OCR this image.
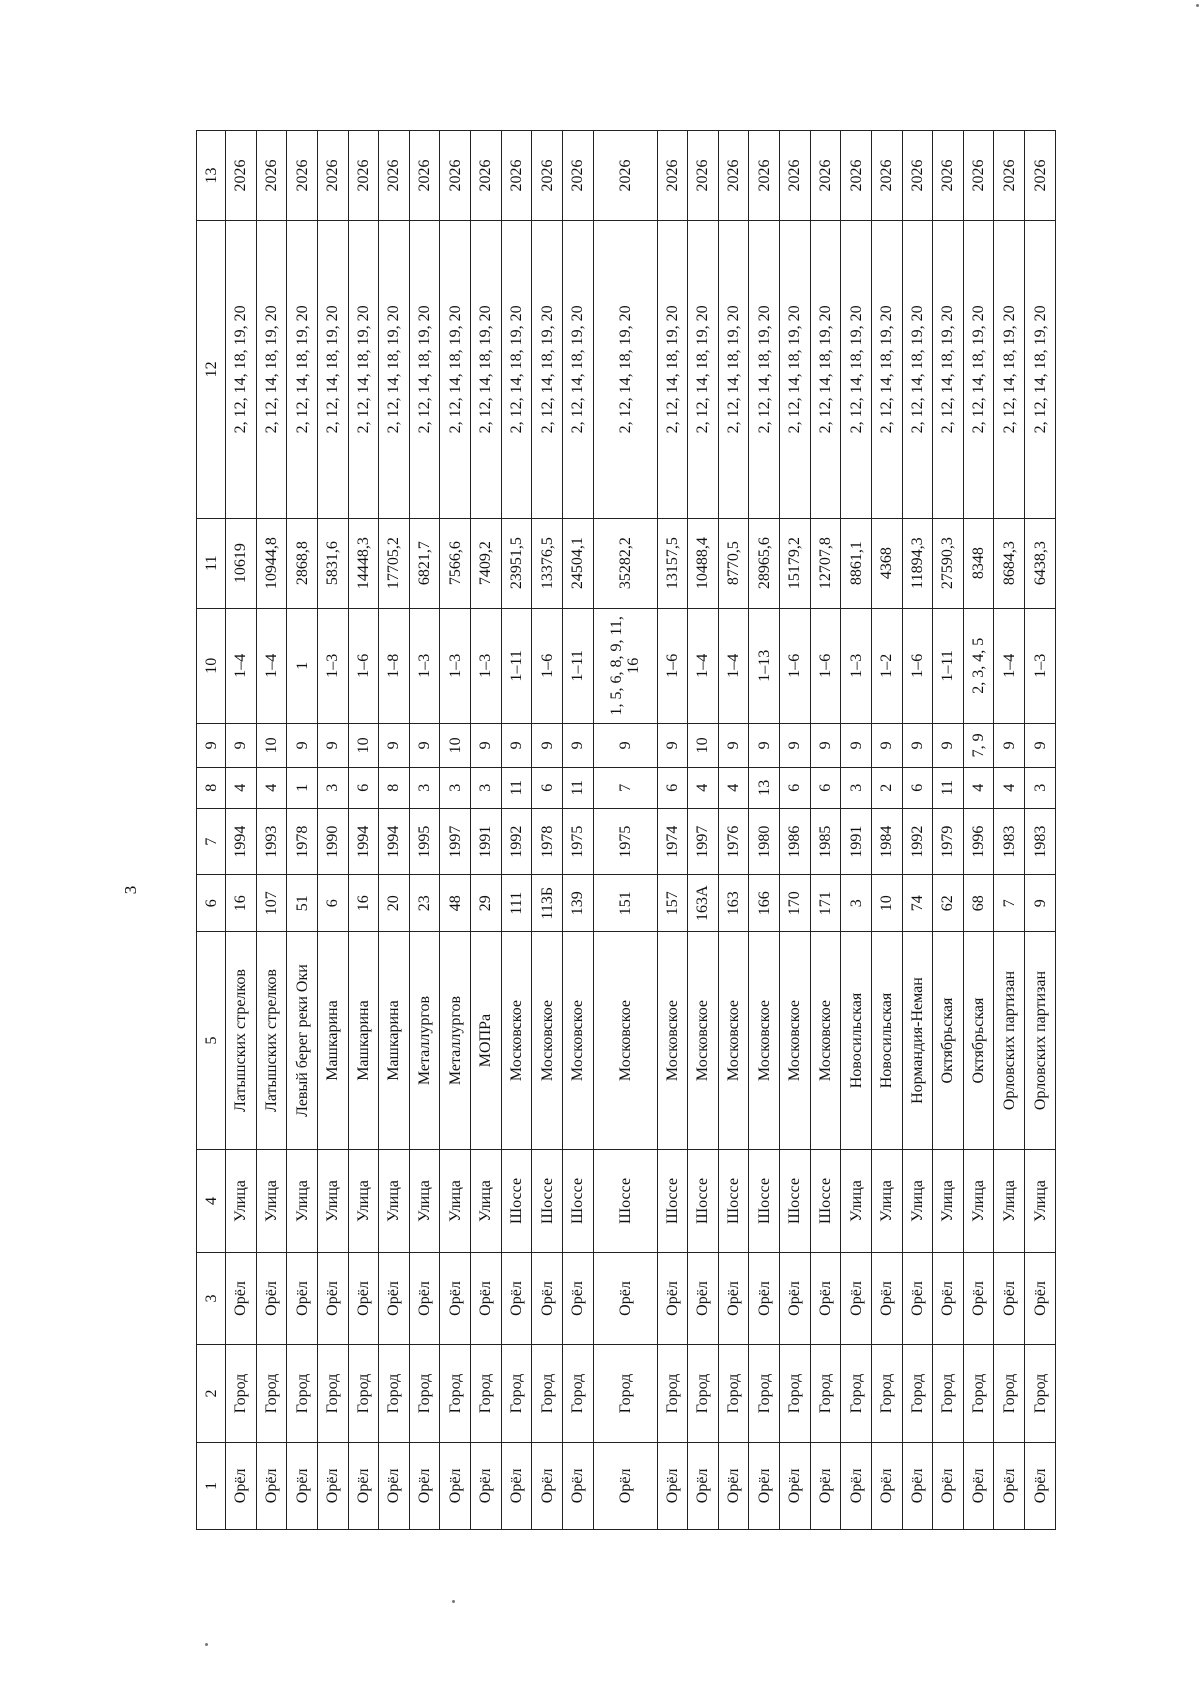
3
1	2	3	4	5	6	7	8	9	10	11	12	13
Орёл	Город	Орёл	Улица	Латышских стрелков	16	1994	4	9	1–4	10619	2, 12, 14, 18, 19, 20	2026
Орёл	Город	Орёл	Улица	Латышских стрелков	107	1993	4	10	1–4	10944,8	2, 12, 14, 18, 19, 20	2026
Орёл	Город	Орёл	Улица	Левый берег реки Оки	51	1978	1	9	1	2868,8	2, 12, 14, 18, 19, 20	2026
Орёл	Город	Орёл	Улица	Машкарина	6	1990	3	9	1–3	5831,6	2, 12, 14, 18, 19, 20	2026
Орёл	Город	Орёл	Улица	Машкарина	16	1994	6	10	1–6	14448,3	2, 12, 14, 18, 19, 20	2026
Орёл	Город	Орёл	Улица	Машкарина	20	1994	8	9	1–8	17705,2	2, 12, 14, 18, 19, 20	2026
Орёл	Город	Орёл	Улица	Металлургов	23	1995	3	9	1–3	6821,7	2, 12, 14, 18, 19, 20	2026
Орёл	Город	Орёл	Улица	Металлургов	48	1997	3	10	1–3	7566,6	2, 12, 14, 18, 19, 20	2026
Орёл	Город	Орёл	Улица	МОПРа	29	1991	3	9	1–3	7409,2	2, 12, 14, 18, 19, 20	2026
Орёл	Город	Орёл	Шоссе	Московское	111	1992	11	9	1–11	23951,5	2, 12, 14, 18, 19, 20	2026
Орёл	Город	Орёл	Шоссе	Московское	113Б	1978	6	9	1–6	13376,5	2, 12, 14, 18, 19, 20	2026
Орёл	Город	Орёл	Шоссе	Московское	139	1975	11	9	1–11	24504,1	2, 12, 14, 18, 19, 20	2026
Орёл	Город	Орёл	Шоссе	Московское	151	1975	7	9	1, 5, 6, 8, 9, 11, 16	35282,2	2, 12, 14, 18, 19, 20	2026
Орёл	Город	Орёл	Шоссе	Московское	157	1974	6	9	1–6	13157,5	2, 12, 14, 18, 19, 20	2026
Орёл	Город	Орёл	Шоссе	Московское	163А	1997	4	10	1–4	10488,4	2, 12, 14, 18, 19, 20	2026
Орёл	Город	Орёл	Шоссе	Московское	163	1976	4	9	1–4	8770,5	2, 12, 14, 18, 19, 20	2026
Орёл	Город	Орёл	Шоссе	Московское	166	1980	13	9	1–13	28965,6	2, 12, 14, 18, 19, 20	2026
Орёл	Город	Орёл	Шоссе	Московское	170	1986	6	9	1–6	15179,2	2, 12, 14, 18, 19, 20	2026
Орёл	Город	Орёл	Шоссе	Московское	171	1985	6	9	1–6	12707,8	2, 12, 14, 18, 19, 20	2026
Орёл	Город	Орёл	Улица	Новосильская	3	1991	3	9	1–3	8861,1	2, 12, 14, 18, 19, 20	2026
Орёл	Город	Орёл	Улица	Новосильская	10	1984	2	9	1–2	4368	2, 12, 14, 18, 19, 20	2026
Орёл	Город	Орёл	Улица	Нормандия-Неман	74	1992	6	9	1–6	11894,3	2, 12, 14, 18, 19, 20	2026
Орёл	Город	Орёл	Улица	Октябрьская	62	1979	11	9	1–11	27590,3	2, 12, 14, 18, 19, 20	2026
Орёл	Город	Орёл	Улица	Октябрьская	68	1996	4	7, 9	2, 3, 4, 5	8348	2, 12, 14, 18, 19, 20	2026
Орёл	Город	Орёл	Улица	Орловских партизан	7	1983	4	9	1–4	8684,3	2, 12, 14, 18, 19, 20	2026
Орёл	Город	Орёл	Улица	Орловских партизан	9	1983	3	9	1–3	6438,3	2, 12, 14, 18, 19, 20	2026
